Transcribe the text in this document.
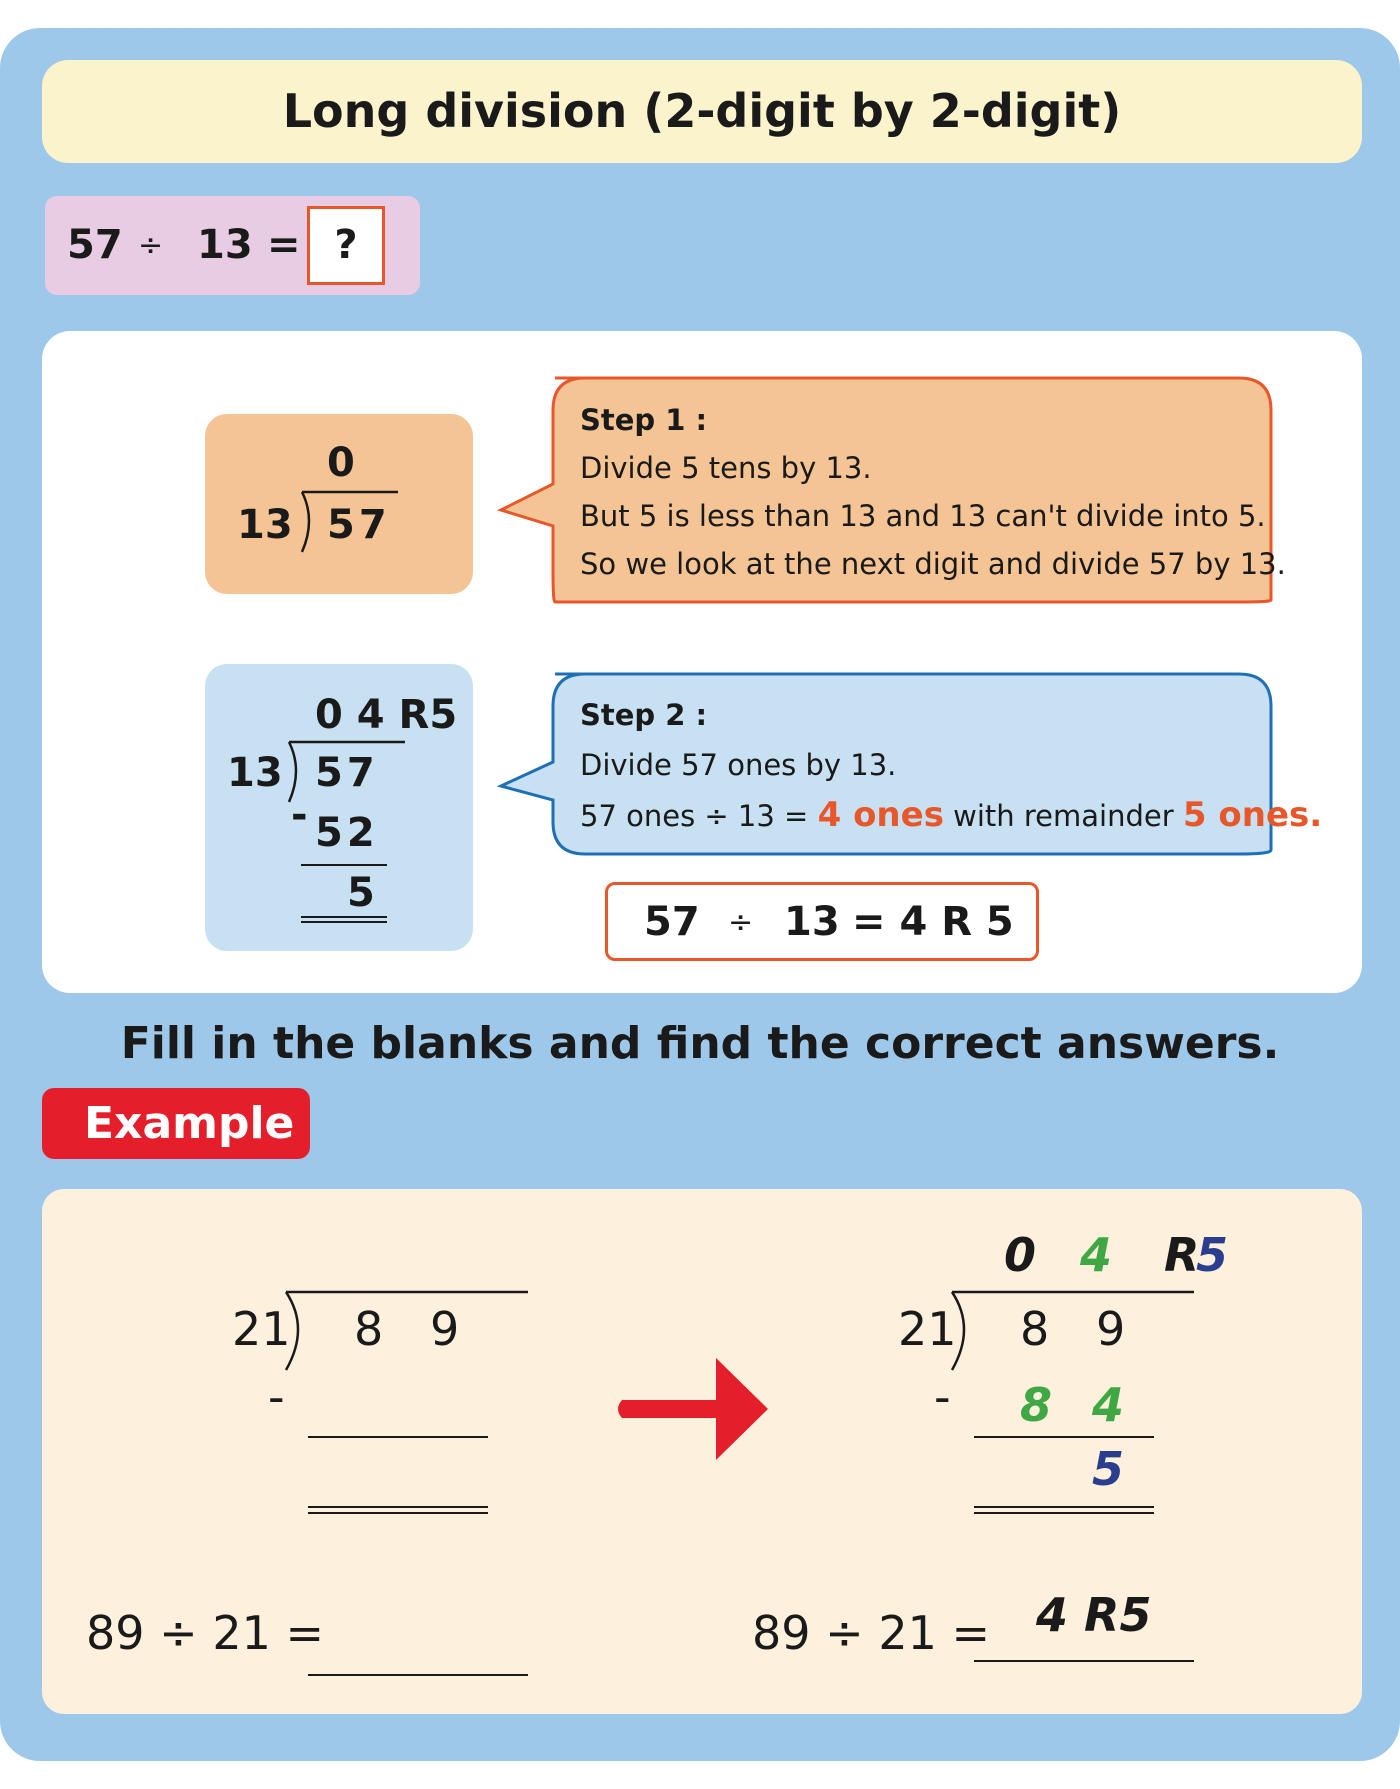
Long division (2-digit by 2-digit)
57 ÷ 13 = ?
0
13 57
0 4 R5
13 57
- 52
5
Step 1 :
Divide 5 tens by 13.
But 5 is less than 13 and 13 can't divide into 5.
So we look at the next digit and divide 57 by 13.
Step 2 :
Divide 57 ones by 13.
57 ones ÷ 13 = 4 ones with remainder 5 ones.
57 ÷ 13 = 4 R 5
Fill in the blanks and find the correct answers.
Example
21 8 9
-
89 ÷ 21 =
0 4 R
5
21 8 9
- 8 4
5
89 ÷ 21 = 4 R5
